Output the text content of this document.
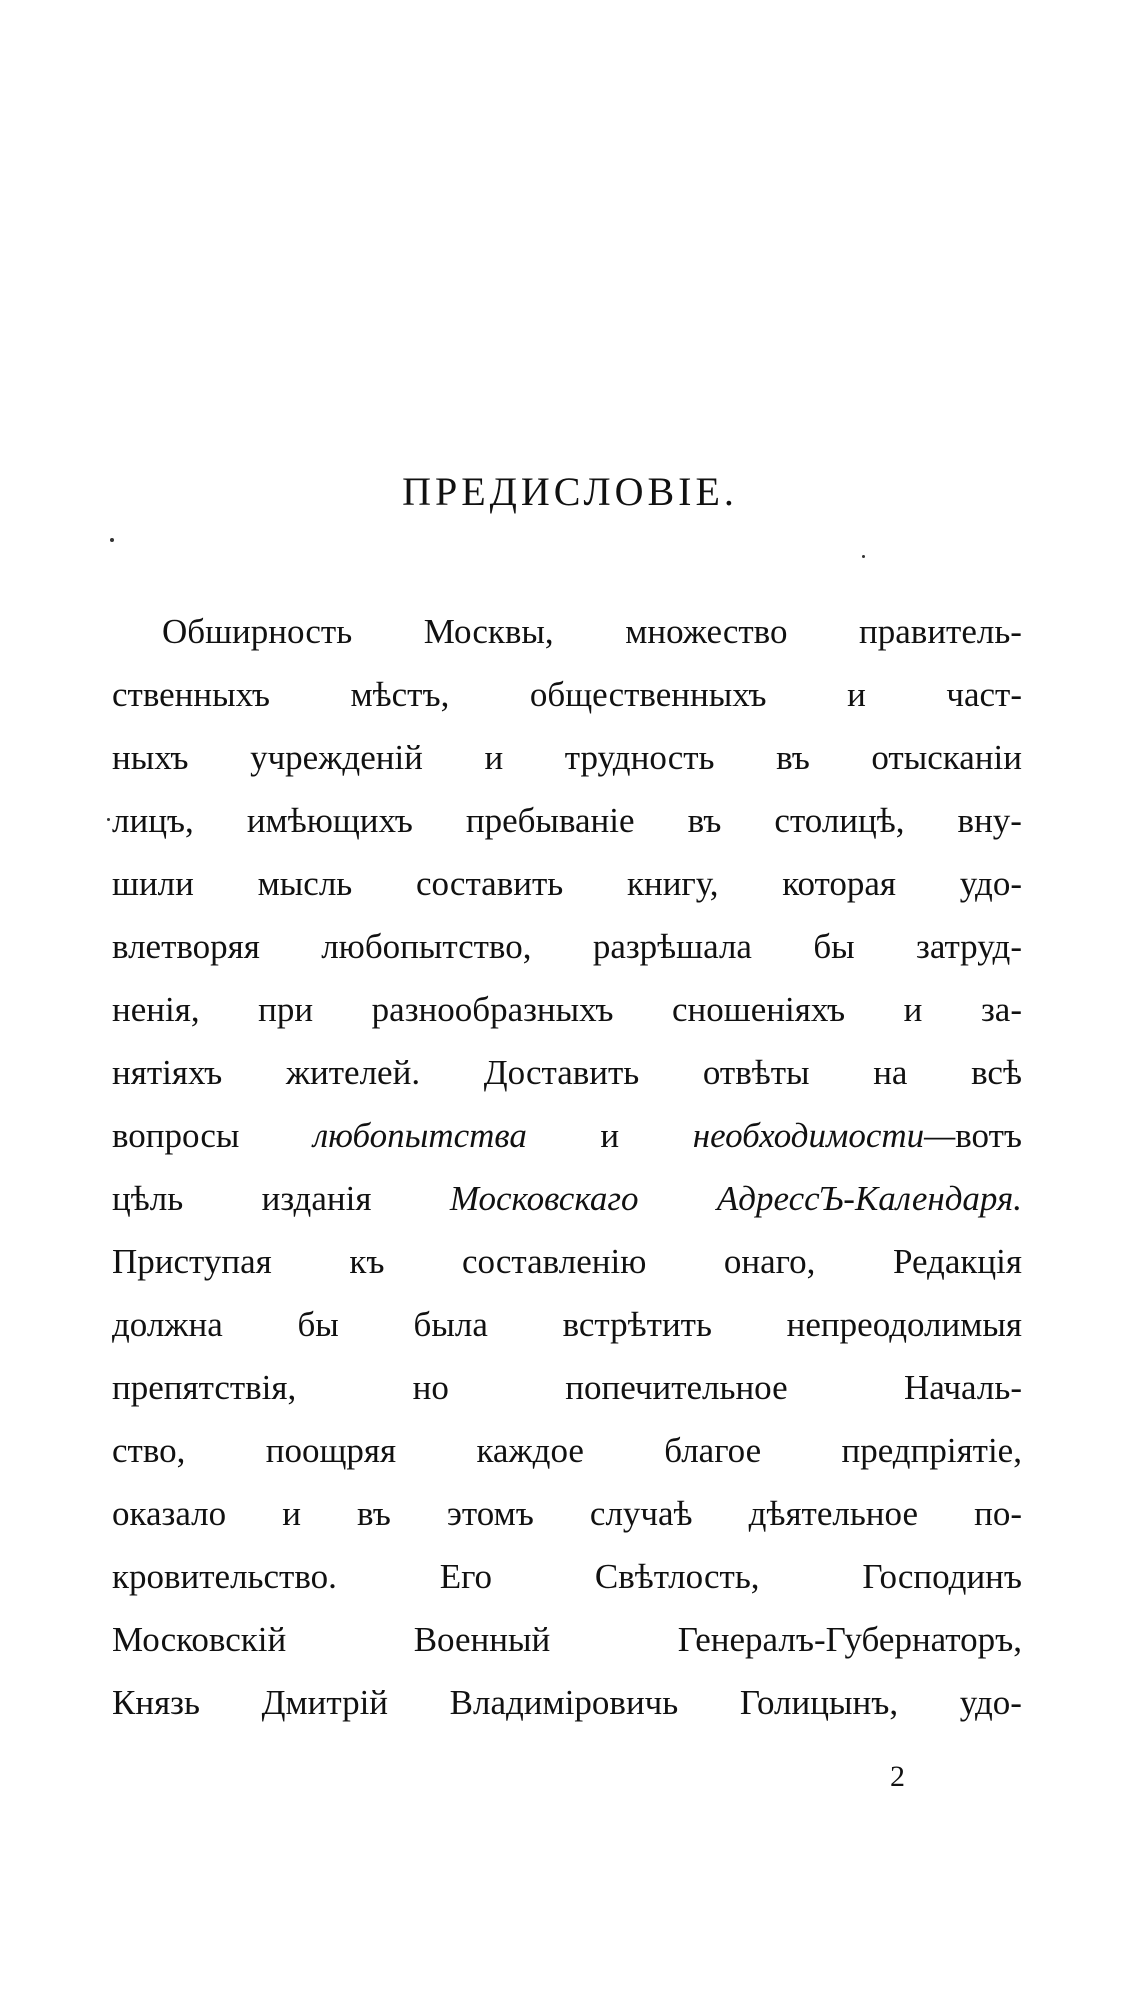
ПРЕДИСЛОВІЕ.
Обширность Москвы, множество правитель-
ственныхъ мѣстъ, общественныхъ и част-
ныхъ учрежденій и трудность въ отысканіи
лицъ, имѣющихъ пребываніе въ столицѣ, вну-
шили мысль составить книгу, которая удо-
влетворяя любопытство, разрѣшала бы затруд-
ненія, при разнообразныхъ сношеніяхъ и за-
нятіяхъ жителей. Доставить отвѣты на всѣ
вопросы любопытства и необходимости—вотъ
цѣль изданія Московскаго АдрессЪ-Календаря.
Приступая къ составленію онаго, Редакція
должна бы была встрѣтить непреодолимыя
препятствія,	но	попечительное	Началь-
ство, поощряя каждое благое предпріятіе,
оказало и въ этомъ случаѣ дѣятельное по-
кровительство.	Его	Свѣтлость,	Господинъ
Московскій	Военный	Генералъ-Губернаторъ,
Князь Дмитрій Владиміровичь Голицынъ, удо-
2
